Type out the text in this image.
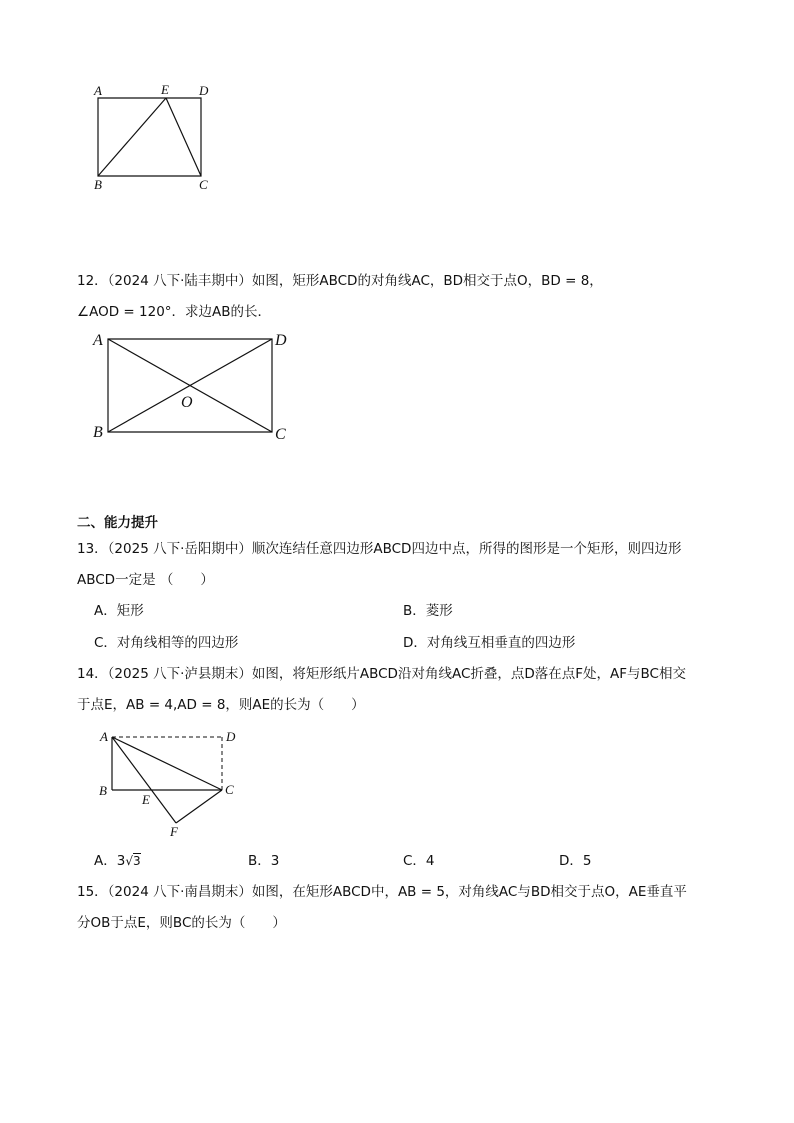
A	E D
B	C
12．（2024 八下·陆丰期中）如图，矩形ABCD的对角线AC，BD相交于点O，BD = 8，
∠AOD = 120°．求边AB的长．
A	D
O
B	C
二、能力提升
13．（2025 八下·岳阳期中）顺次连结任意四边形ABCD四边中点，所得的图形是一个矩形，则四边形
ABCD一定是 （　　）
A．矩形	B．菱形
C．对角线相等的四边形	D．对角线互相垂直的四边形
14．（2025 八下·泸县期末）如图，将矩形纸片ABCD沿对角线AC折叠，点D落在点F处，AF与BC相交
于点E，AB = 4,AD = 8，则AE的长为（　　）
A	D
B
E
C
F
A．3√3	B．3	C．4	D．5
15．（2024 八下·南昌期末）如图，在矩形ABCD中，AB = 5，对角线AC与BD相交于点O，AE垂直平
分OB于点E，则BC的长为（　　）
